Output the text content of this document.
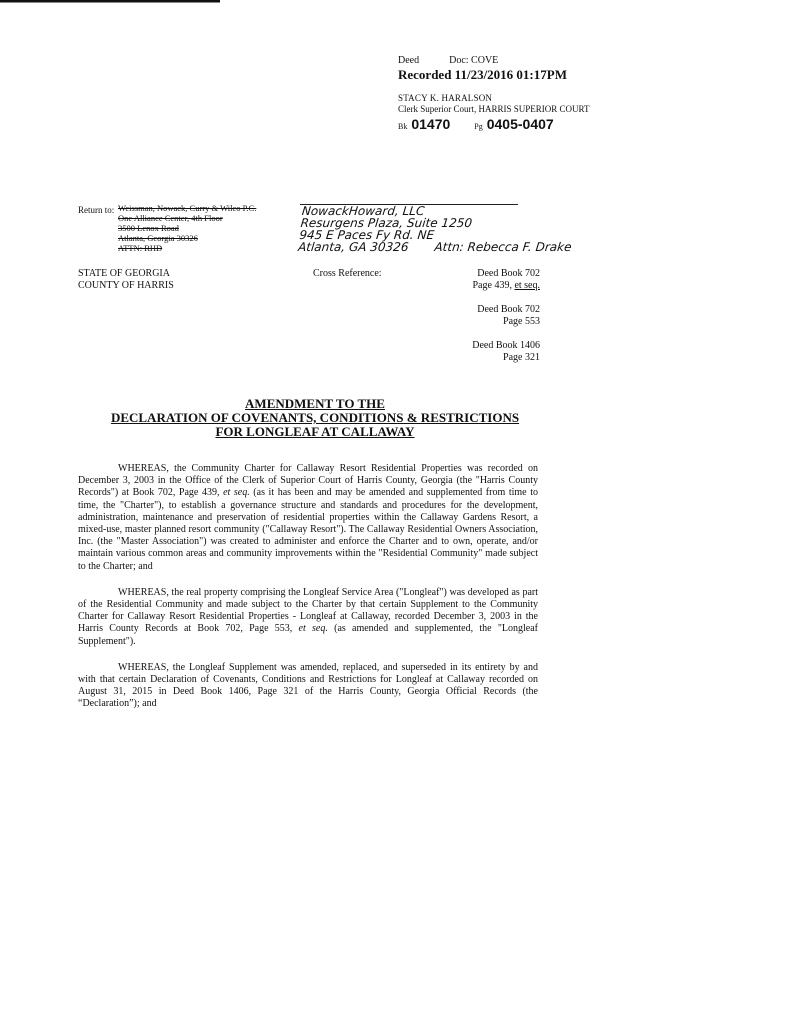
Deed	Doc: COVE
Recorded 11/23/2016 01:17PM
STACY K. HARALSON
Clerk Superior Court, HARRIS SUPERIOR COURT
Bk 01470	Pg 0405-0407
Return to: Weissman, Nowack, Curry & Wilco P.C.
One Alliance Center, 4th Floor
3500 Lenox Road
Atlanta, Georgia 30326
ATTN: RHD
NowackHoward, LLC
Resurgens Plaza, Suite 1250
945 E Paces Fy Rd. NE
Atlanta, GA 30326 Attn: Rebecca F. Drake
STATE OF GEORGIA
COUNTY OF HARRIS
Cross Reference:	Deed Book 702
Page 439, et seq.
Deed Book 702
Page 553
Deed Book 1406
Page 321
AMENDMENT TO THE
DECLARATION OF COVENANTS, CONDITIONS & RESTRICTIONS
FOR LONGLEAF AT CALLAWAY

WHEREAS, the Community Charter for Callaway Resort Residential Properties was recorded on December 3, 2003 in the Office of the Clerk of Superior Court of Harris County, Georgia (the "Harris County Records") at Book 702, Page 439, et seq. (as it has been and may be amended and supplemented from time to time, the "Charter"), to establish a governance structure and standards and procedures for the development, administration, maintenance and preservation of residential properties within the Callaway Gardens Resort, a mixed-use, master planned resort community ("Callaway Resort"). The Callaway Residential Owners Association, Inc. (the "Master Association") was created to administer and enforce the Charter and to own, operate, and/or maintain various common areas and community improvements within the "Residential Community" made subject to the Charter; and

WHEREAS, the real property comprising the Longleaf Service Area ("Longleaf") was developed as part of the Residential Community and made subject to the Charter by that certain Supplement to the Community Charter for Callaway Resort Residential Properties - Longleaf at Callaway, recorded December 3, 2003 in the Harris County Records at Book 702, Page 553, et seq. (as amended and supplemented, the "Longleaf Supplement").

WHEREAS, the Longleaf Supplement was amended, replaced, and superseded in its entirety by and with that certain Declaration of Covenants, Conditions and Restrictions for Longleaf at Callaway recorded on August 31, 2015 in Deed Book 1406, Page 321 of the Harris County, Georgia Official Records (the “Declaration”); and
